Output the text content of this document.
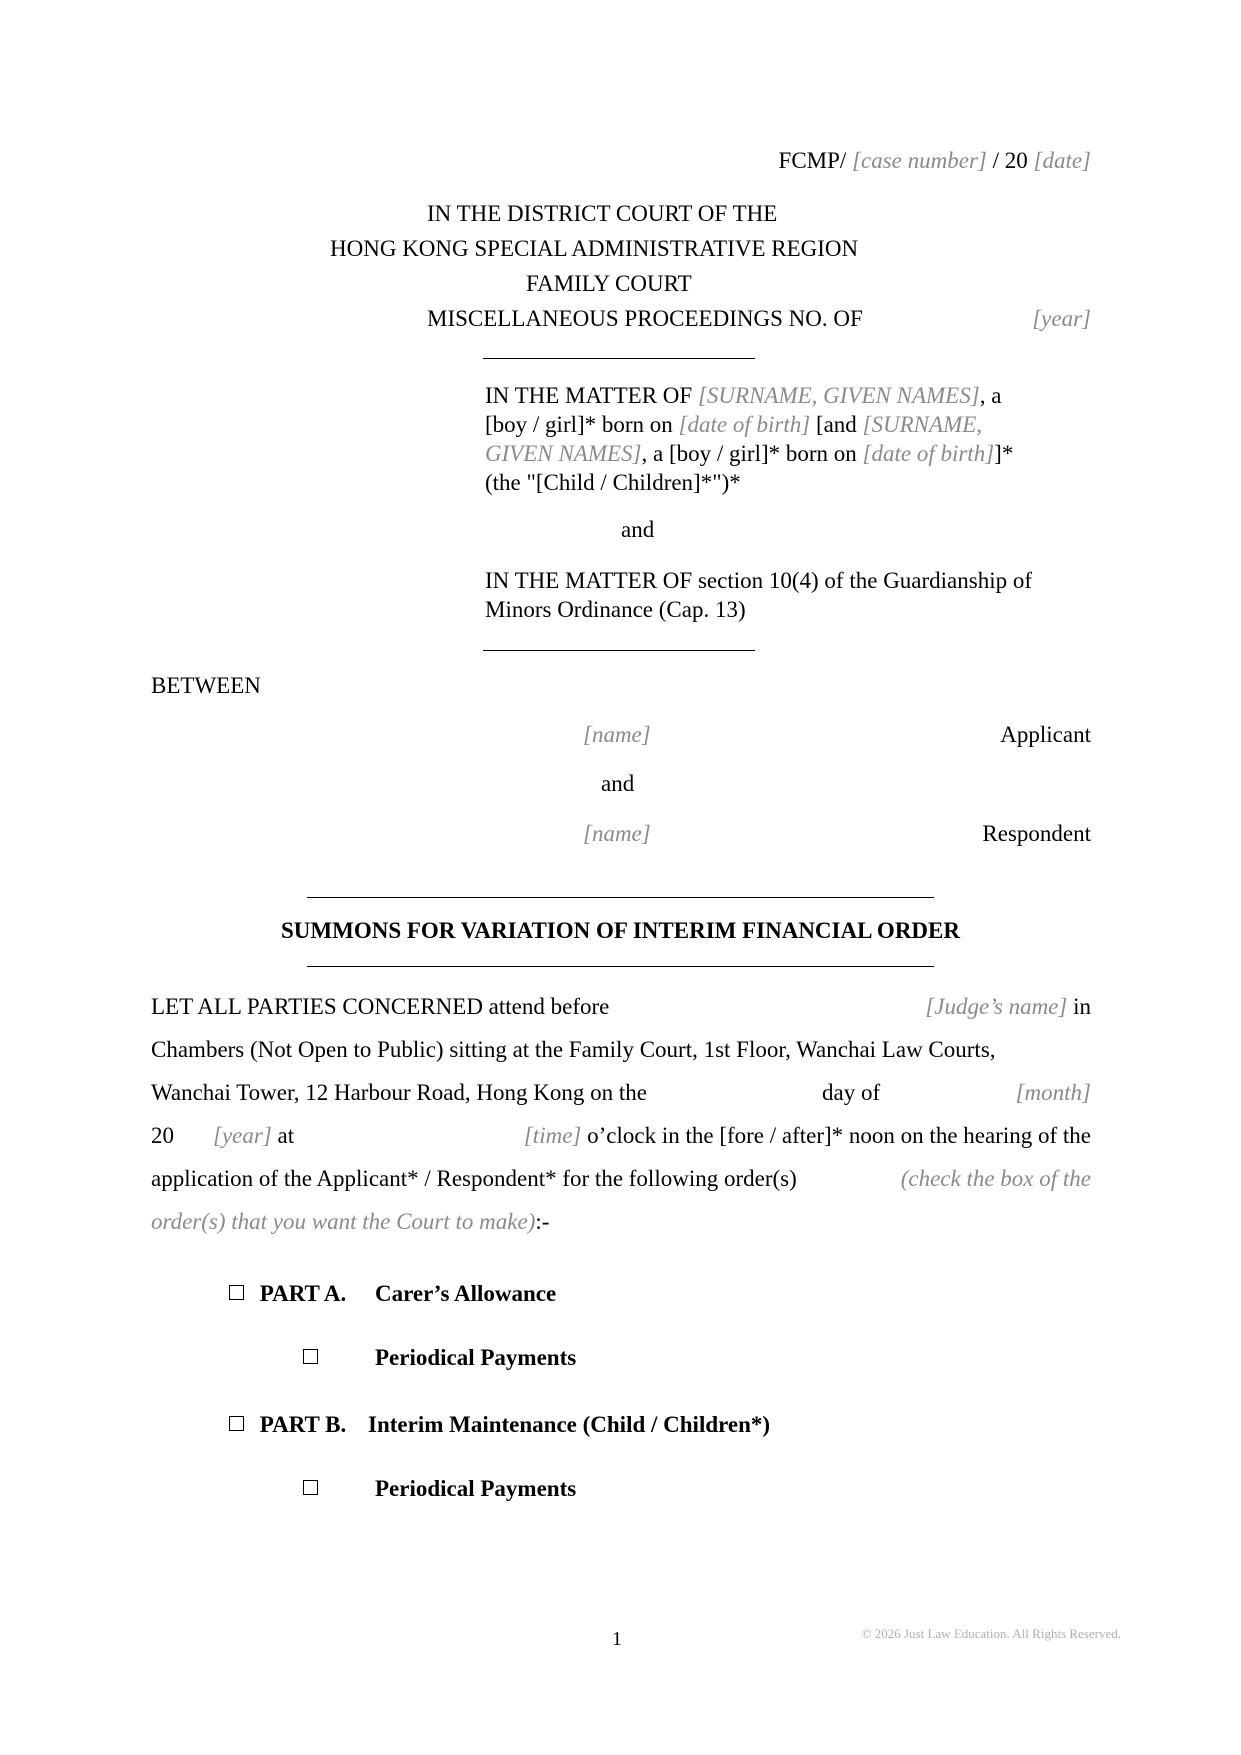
FCMP/ [case number] / 20 [date]
IN THE DISTRICT COURT OF THE
HONG KONG SPECIAL ADMINISTRATIVE REGION
FAMILY COURT
MISCELLANEOUS PROCEEDINGS NO. OF	[year]
IN THE MATTER OF [SURNAME, GIVEN NAMES], a
[boy / girl]* born on [date of birth] [and [SURNAME,
GIVEN NAMES], a [boy / girl]* born on [date of birth]]*
(the "[Child / Children]*")*
and
IN THE MATTER OF section 10(4) of the Guardianship of
Minors Ordinance (Cap. 13)
BETWEEN
[name]	Applicant
and
[name]	Respondent
SUMMONS FOR VARIATION OF INTERIM FINANCIAL ORDER
LET ALL PARTIES CONCERNED attend before	[Judge’s name] in
Chambers (Not Open to Public) sitting at the Family Court, 1st Floor, Wanchai Law Courts,
Wanchai Tower, 12 Harbour Road, Hong Kong on the	day of	[month]
20 [year] at	[time] o’clock in the [fore / after]* noon on the hearing of the
application of the Applicant* / Respondent* for the following order(s)	(check the box of the
order(s) that you want the Court to make):-
PART A. Carer’s Allowance
Periodical Payments
PART B. Interim Maintenance (Child / Children*)
Periodical Payments
1	© 2026 Just Law Education. All Rights Reserved.
